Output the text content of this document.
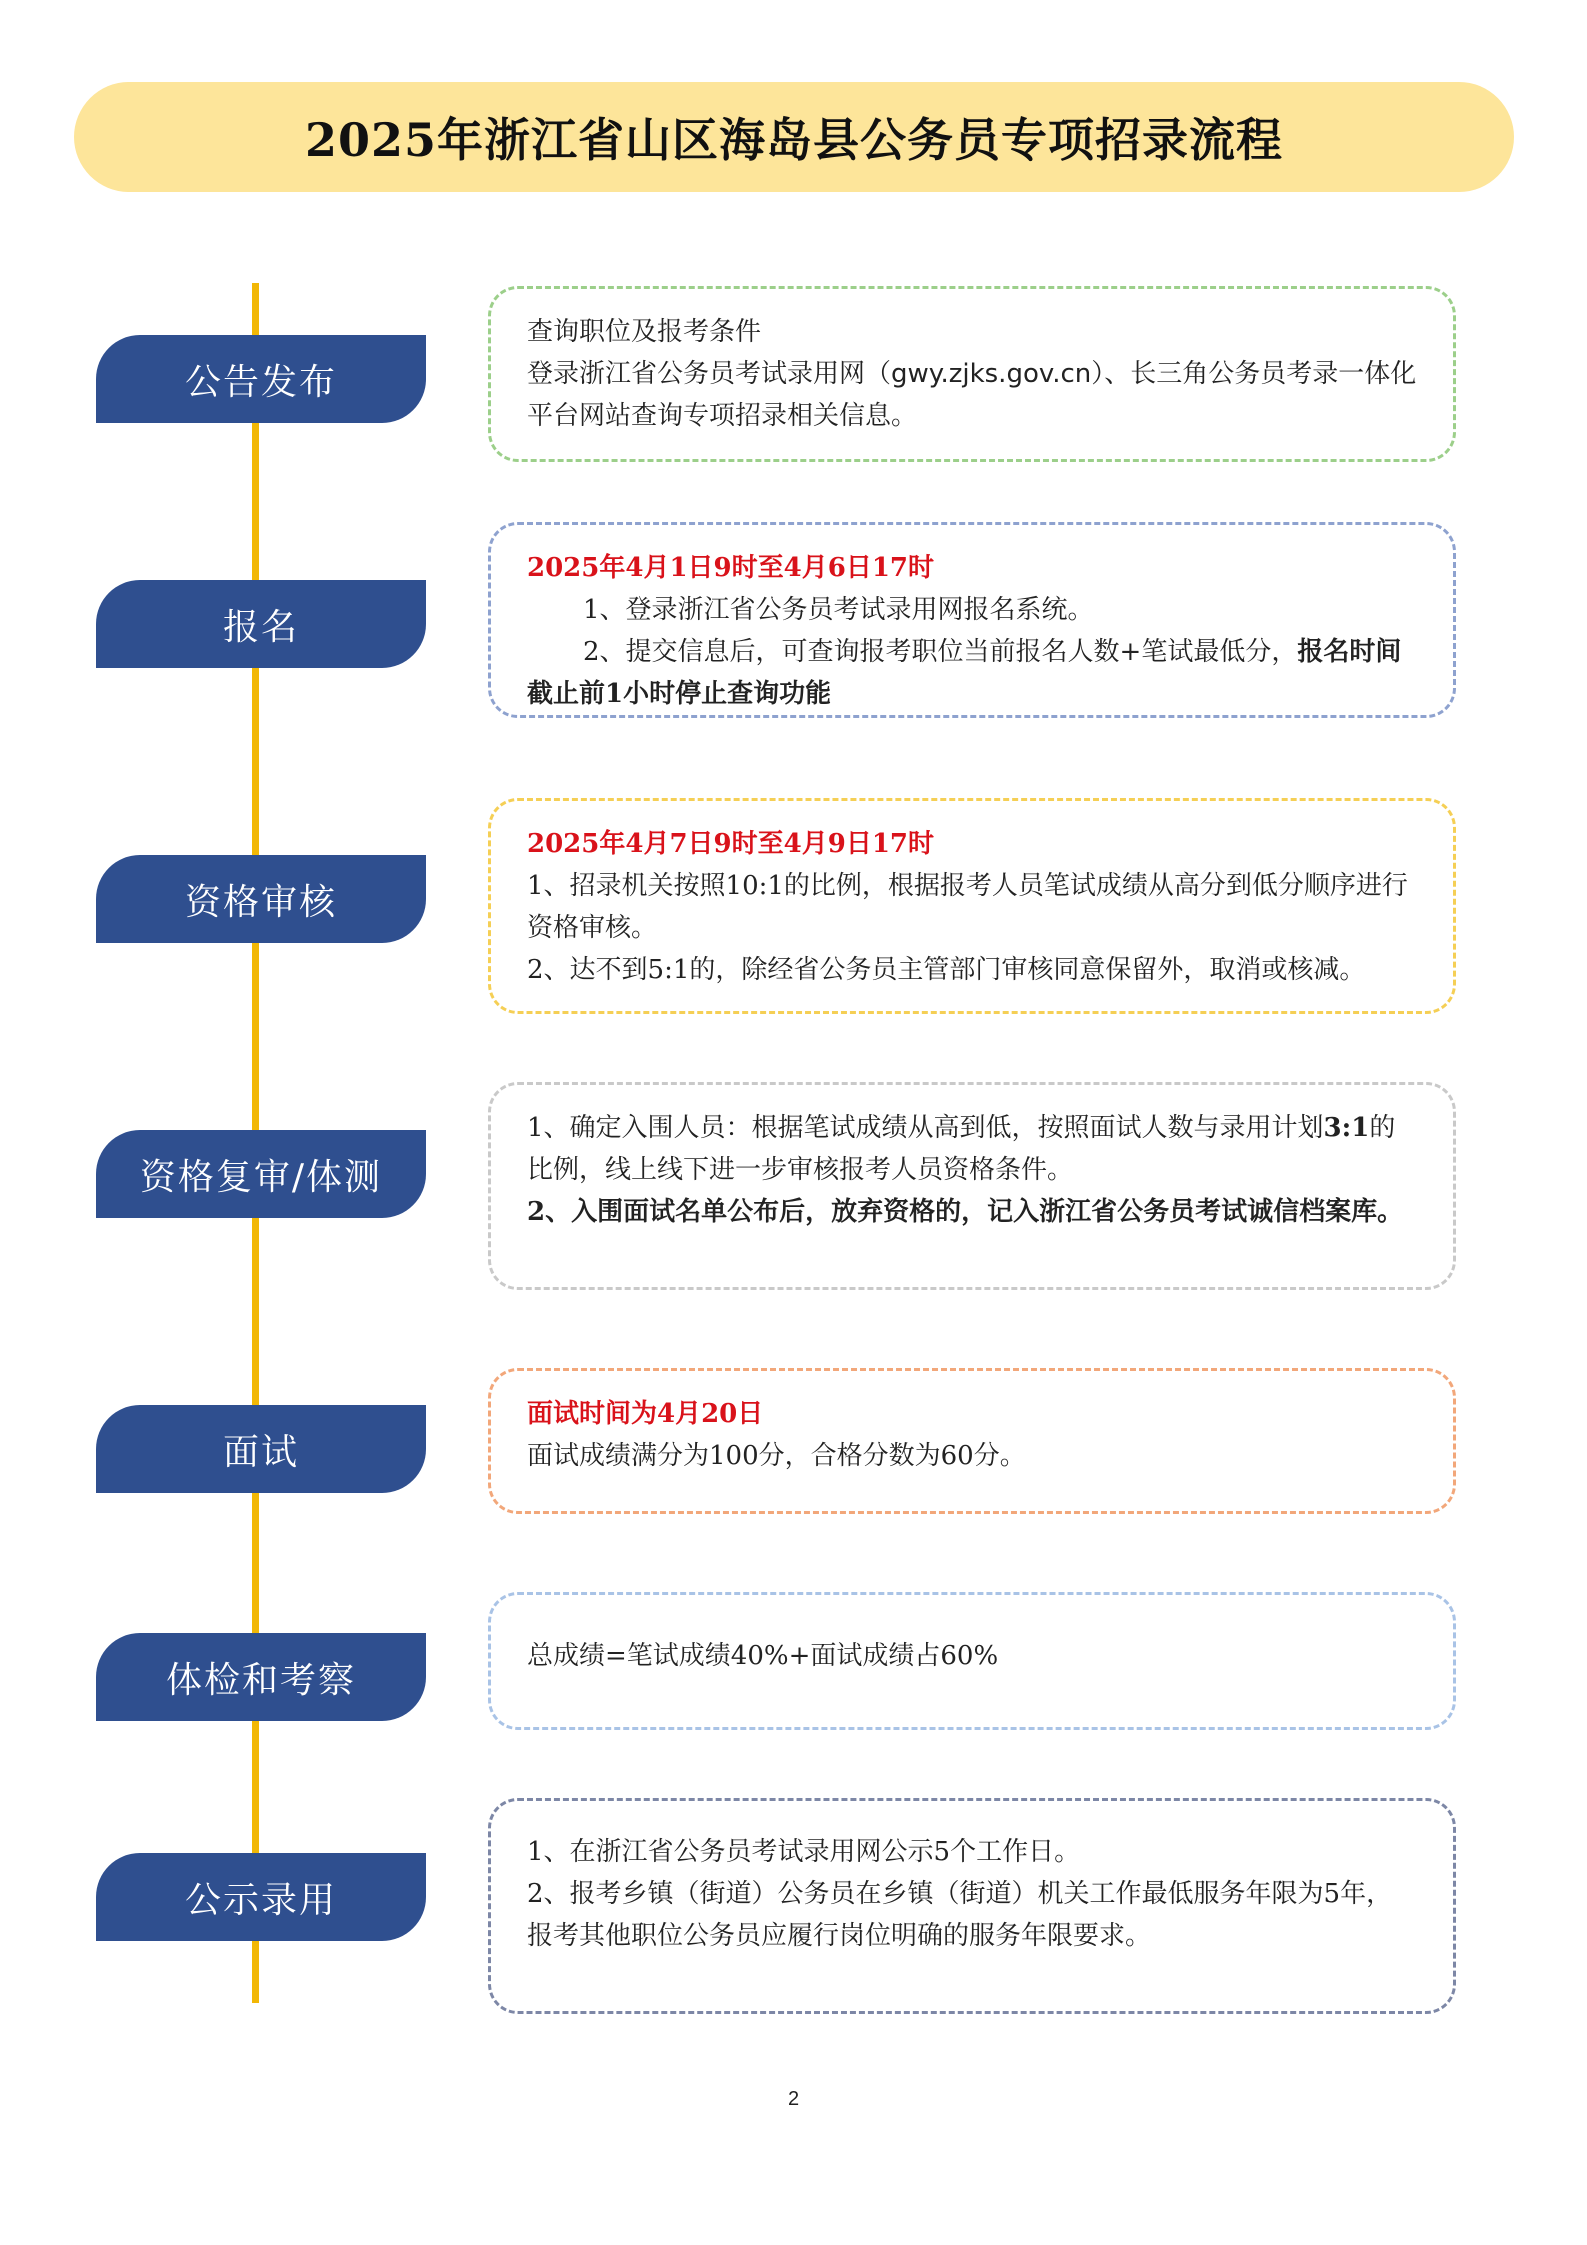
2025年浙江省山区海岛县公务员专项招录流程
公告发布

查询职位及报考条件

登录浙江省公务员考试录用网（gwy.zjks.gov.cn）、长三角公务员考录一体化平台网站查询专项招录相关信息。

报名

2025年4月1日9时至4月6日17时

1、登录浙江省公务员考试录用网报名系统。

2、提交信息后，可查询报考职位当前报名人数+笔试最低分，报名时间截止前1小时停止查询功能

资格审核

2025年4月7日9时至4月9日17时

1、招录机关按照10:1的比例，根据报考人员笔试成绩从高分到低分顺序进行资格审核。

2、达不到5:1的，除经省公务员主管部门审核同意保留外，取消或核减。

资格复审/体测

1、确定入围人员：根据笔试成绩从高到低，按照面试人数与录用计划3:1的比例，线上线下进一步审核报考人员资格条件。

2、入围面试名单公布后，放弃资格的，记入浙江省公务员考试诚信档案库。

面试

面试时间为4月20日

面试成绩满分为100分，合格分数为60分。

体检和考察

总成绩=笔试成绩40%+面试成绩占60%

公示录用

1、在浙江省公务员考试录用网公示5个工作日。

2、报考乡镇（街道）公务员在乡镇（街道）机关工作最低服务年限为5年，报考其他职位公务员应履行岗位明确的服务年限要求。

2
